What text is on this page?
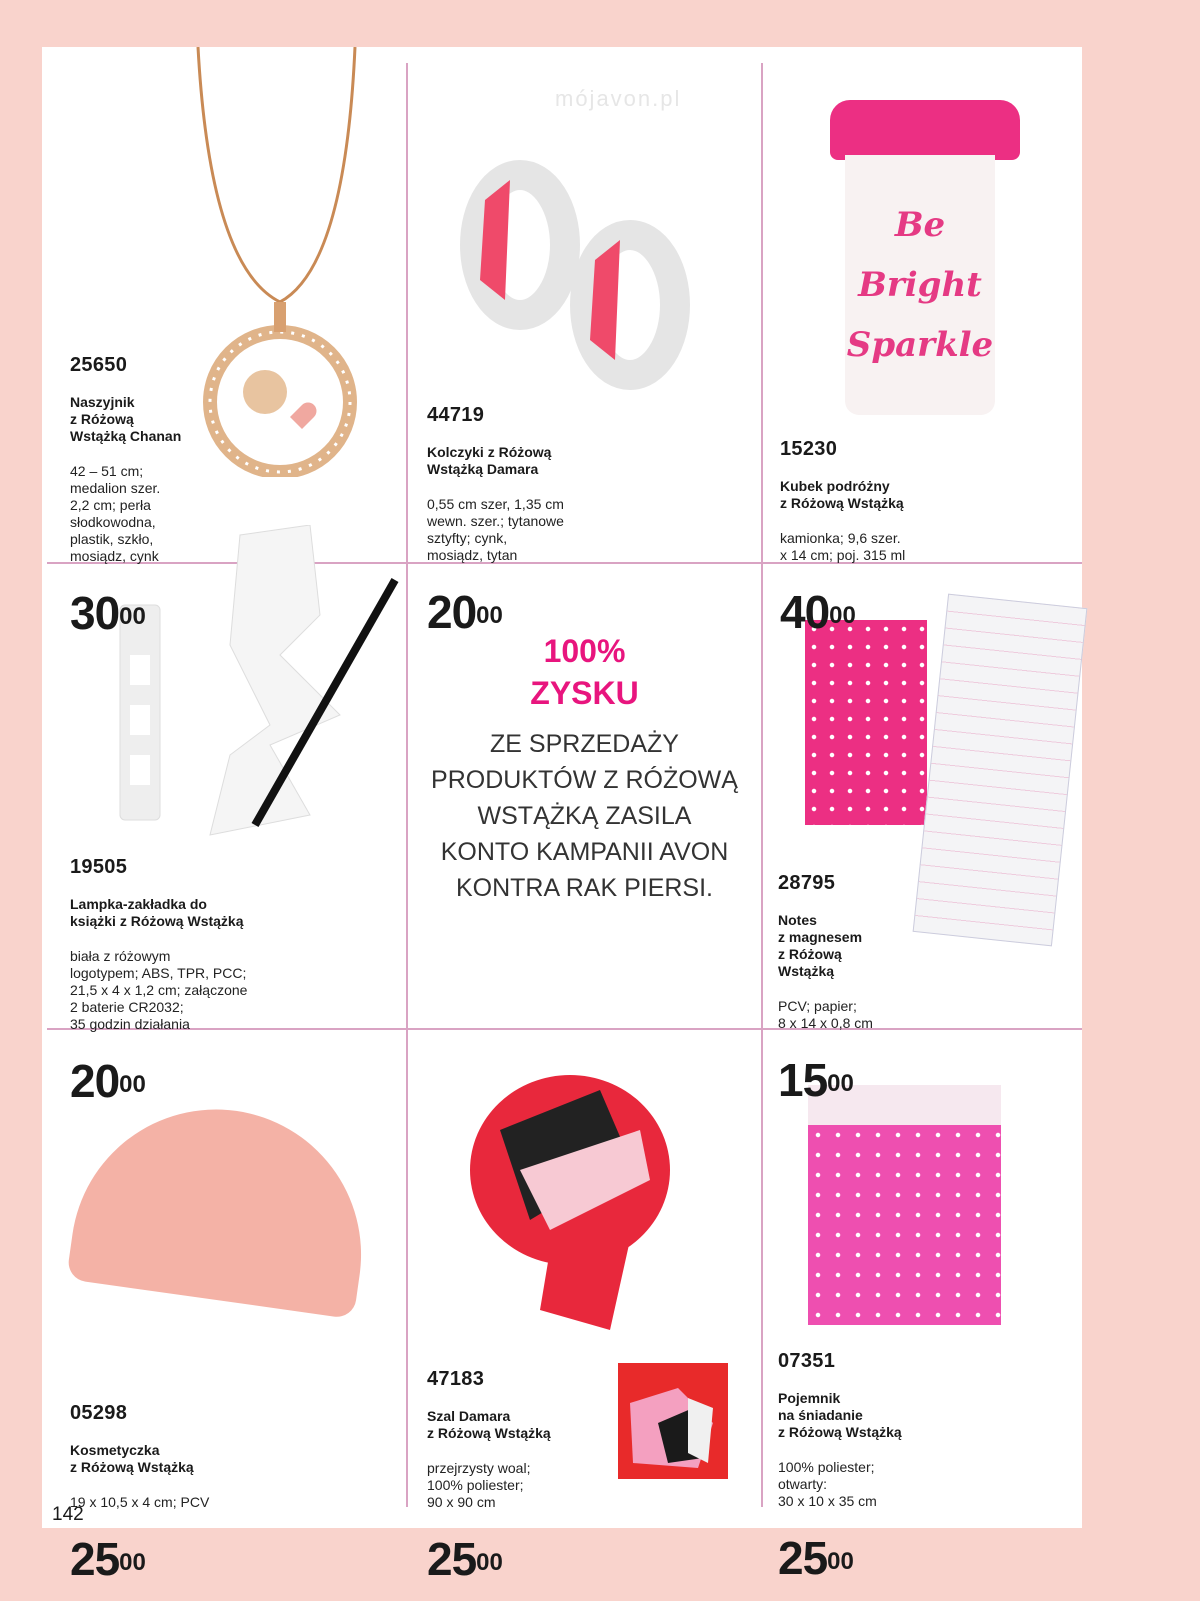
mójavon.pl
Be
Bright
Sparkle

25650

Naszyjnik
z Różową
Wstążką Chanan

42 – 51 cm;
medalion szer.
2,2 cm; perła
słodkowodna,
plastik, szkło,
mosiądz, cynk

$30^{00}$

44719

Kolczyki z Różową
Wstążką Damara

0,55 cm szer, 1,35 cm
wewn. szer.; tytanowe
sztyfty; cynk,
mosiądz, tytan

$20^{00}$

15230

Kubek podróżny
z Różową Wstążką

kamionka; 9,6 szer.
x 14 cm; poj. 315 ml

$40^{00}$

19505

Lampka-zakładka do
książki z Różową Wstążką

biała z różowym
logotypem; ABS, TPR, PCC;
21,5 x 4 x 1,2 cm; załączone
2 baterie CR2032;
35 godzin działania

$20^{00}$

28795

Notes
z magnesem
z Różową
Wstążką

PCV; papier;
8 x 14 x 0,8 cm

$15^{00}$

05298

Kosmetyczka
z Różową Wstążką

19 x 10,5 x 4 cm; PCV

$25^{00}$

47183

Szal Damara
z Różową Wstążką

przejrzysty woal;
100% poliester;
90 x 90 cm

$25^{00}$

07351

Pojemnik
na śniadanie
z Różową Wstążką

100% poliester;
otwarty:
30 x 10 x 35 cm

$25^{00}$

100%
ZYSKU
ZE SPRZEDAŻY
PRODUKTÓW Z RÓŻOWĄ
WSTĄŻKĄ ZASILA
KONTO KAMPANII AVON
KONTRA RAK PIERSI.
142
